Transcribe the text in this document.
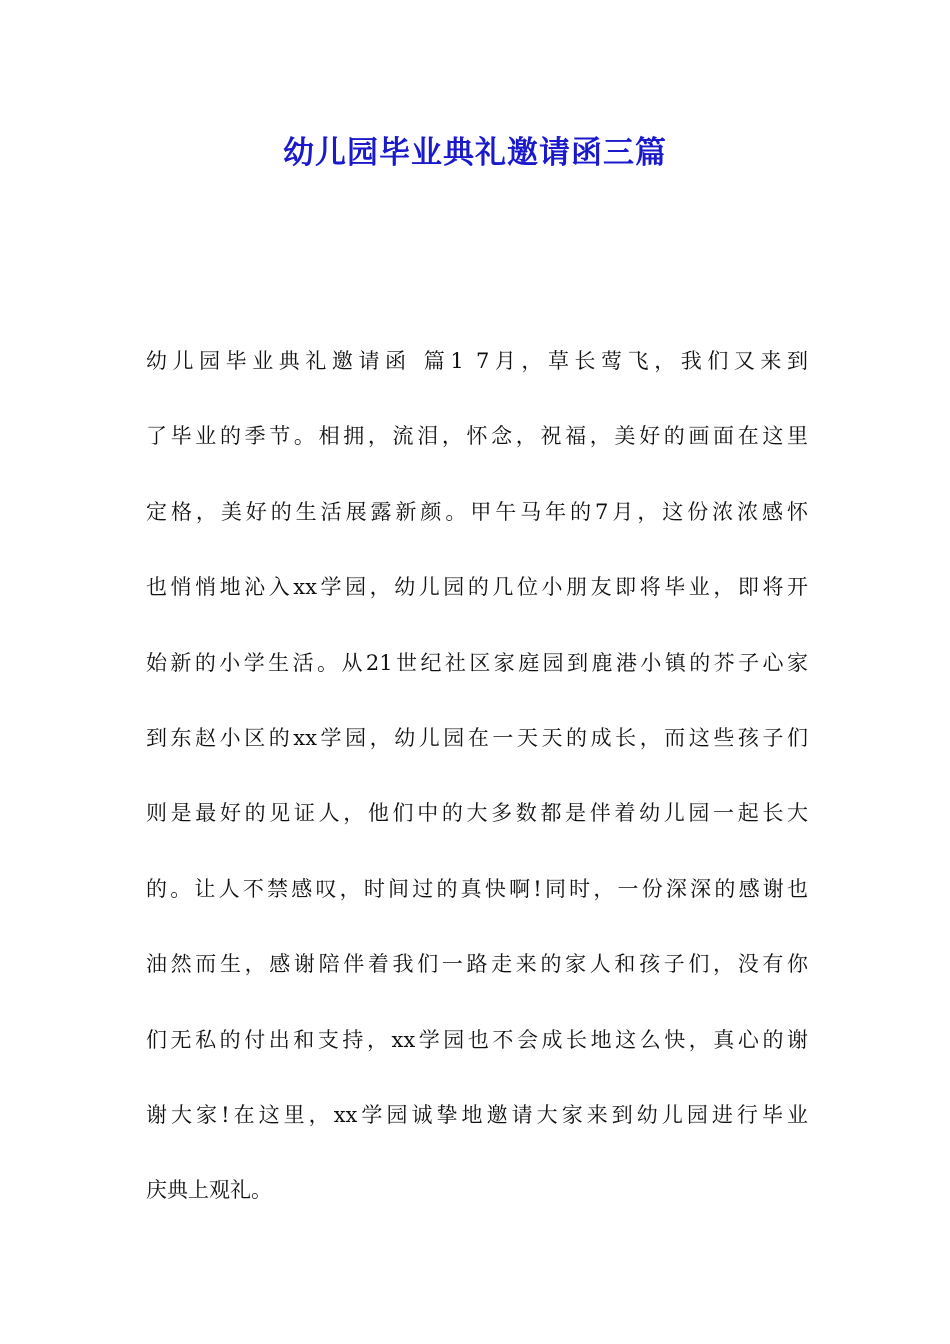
幼儿园毕业典礼邀请函三篇
幼儿园毕业典礼邀请函 篇1 7月，草长莺飞，我们又来到
了毕业的季节。相拥，流泪，怀念，祝福，美好的画面在这里
定格，美好的生活展露新颜。甲午马年的7月，这份浓浓感怀
也悄悄地沁入xx学园，幼儿园的几位小朋友即将毕业，即将开
始新的小学生活。从21世纪社区家庭园到鹿港小镇的芥子心家
到东赵小区的xx学园，幼儿园在一天天的成长，而这些孩子们
则是最好的见证人，他们中的大多数都是伴着幼儿园一起长大
的。让人不禁感叹，时间过的真快啊!同时，一份深深的感谢也
油然而生，感谢陪伴着我们一路走来的家人和孩子们，没有你
们无私的付出和支持，xx学园也不会成长地这么快，真心的谢
谢大家!在这里，xx学园诚挚地邀请大家来到幼儿园进行毕业
庆典上观礼。
